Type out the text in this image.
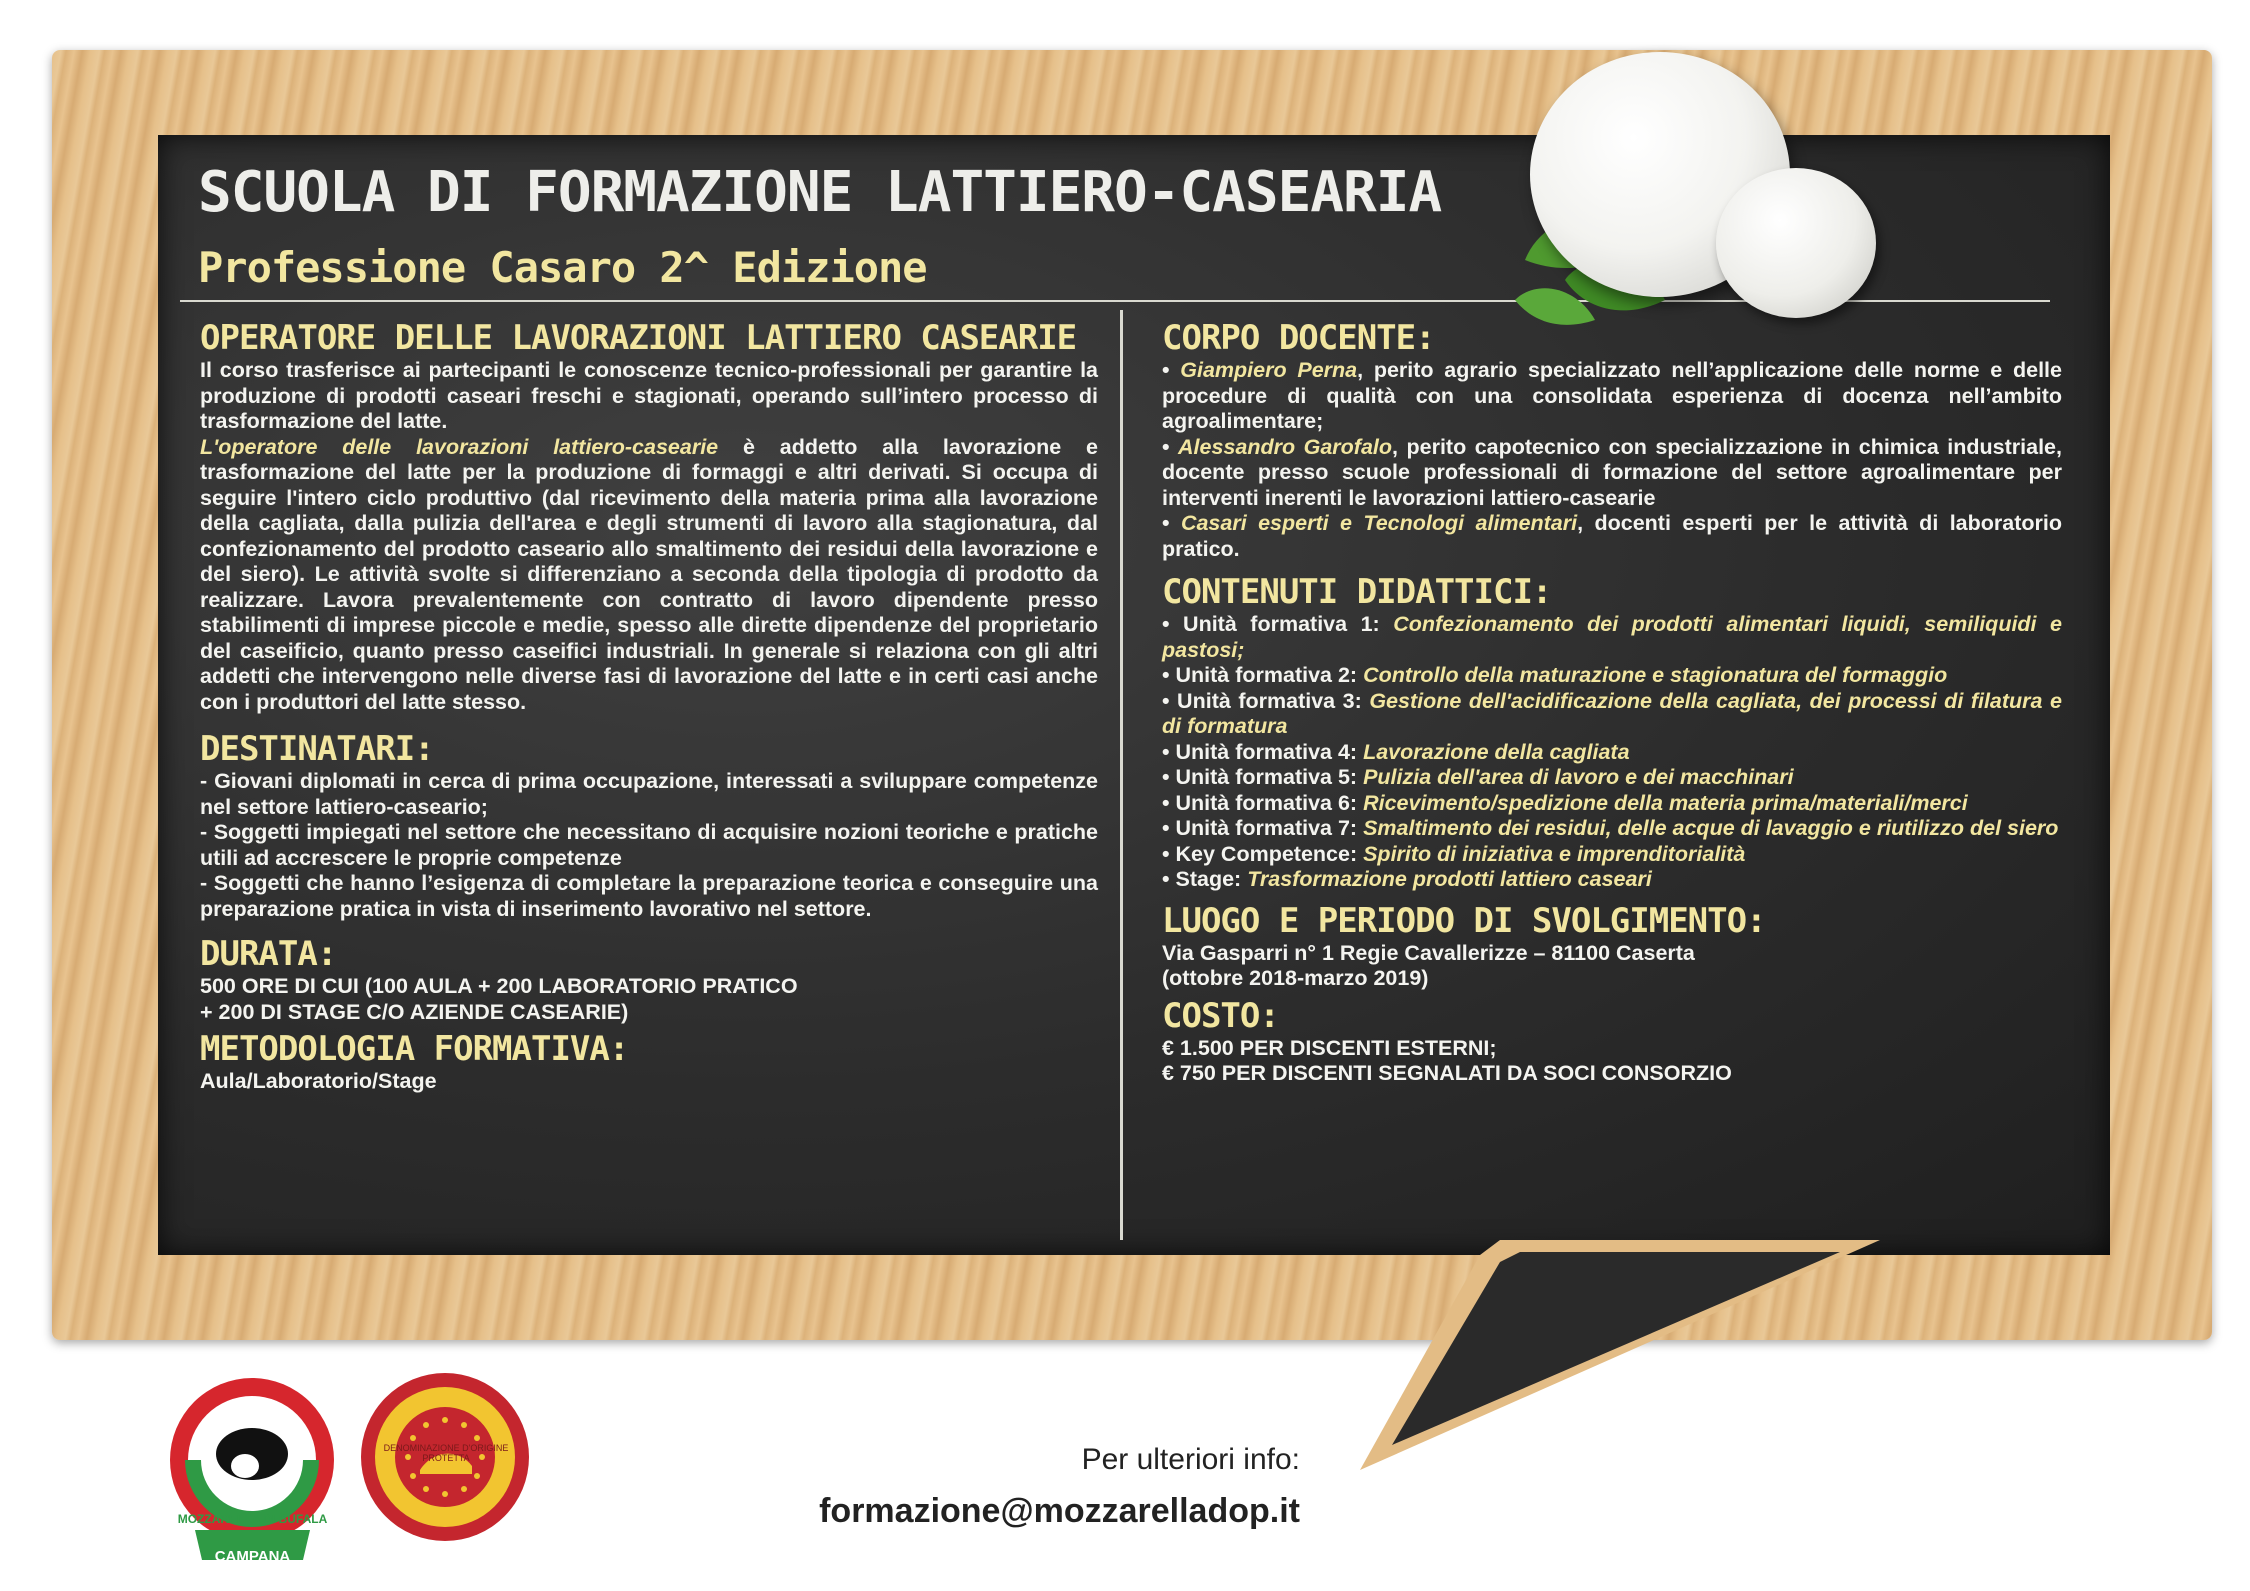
SCUOLA DI FORMAZIONE LATTIERO-CASEARIA
Professione Casaro 2^ Edizione
OPERATORE DELLE LAVORAZIONI LATTIERO CASEARIE

Il corso trasferisce ai partecipanti le conoscenze tecnico-professionali per garantire la produzione di prodotti caseari freschi e stagionati, operando sull’intero processo di trasformazione del latte.

L'operatore delle lavorazioni lattiero-casearie è addetto alla lavorazione e trasformazione del latte per la produzione di formaggi e altri derivati. Si occupa di seguire l'intero ciclo produttivo (dal ricevimento della materia prima alla lavorazione della cagliata, dalla pulizia dell'area e degli strumenti di lavoro alla stagionatura, dal confezionamento del prodotto caseario allo smaltimento dei residui della lavorazione e del siero). Le attività svolte si differenziano a seconda della tipologia di prodotto da realizzare. Lavora prevalentemente con contratto di lavoro dipendente presso stabilimenti di imprese piccole e medie, spesso alle dirette dipendenze del proprietario del caseificio, quanto presso caseifici industriali. In generale si relaziona con gli altri addetti che intervengono nelle diverse fasi di lavorazione del latte e in certi casi anche con i produttori del latte stesso.

DESTINATARI:

- Giovani diplomati in cerca di prima occupazione, interessati a sviluppare competenze nel settore lattiero-caseario;

- Soggetti impiegati nel settore che necessitano di acquisire nozioni teoriche e pratiche utili ad accrescere le proprie competenze

- Soggetti che hanno l’esigenza di completare la preparazione teorica e conseguire una preparazione pratica in vista di inserimento lavorativo nel settore.

DURATA:
500 ORE DI CUI (100 AULA + 200 LABORATORIO PRATICO
+ 200 DI STAGE C/O AZIENDE CASEARIE)
METODOLOGIA FORMATIVA:
Aula/Laboratorio/Stage
CORPO DOCENTE:

• Giampiero Perna, perito agrario specializzato nell’applicazione delle norme e delle procedure di qualità con una consolidata esperienza di docenza nell’ambito agroalimentare;

• Alessandro Garofalo, perito capotecnico con specializzazione in chimica industriale, docente presso scuole professionali di formazione del settore agroalimentare per interventi inerenti le lavorazioni lattiero-casearie

• Casari esperti e Tecnologi alimentari, docenti esperti per le attività di laboratorio pratico.

CONTENUTI DIDATTICI:

• Unità formativa 1: Confezionamento dei prodotti alimentari liquidi, semiliquidi e pastosi;

• Unità formativa 2: Controllo della maturazione e stagionatura del formaggio

• Unità formativa 3: Gestione dell'acidificazione della cagliata, dei processi di filatura e di formatura

• Unità formativa 4: Lavorazione della cagliata

• Unità formativa 5: Pulizia dell'area di lavoro e dei macchinari

• Unità formativa 6: Ricevimento/spedizione della materia prima/materiali/merci

• Unità formativa 7: Smaltimento dei residui, delle acque di lavaggio e riutilizzo del siero

• Key Competence: Spirito di iniziativa e imprenditorialità

• Stage: Trasformazione prodotti lattiero caseari

LUOGO E PERIODO DI SVOLGIMENTO:
Via Gasparri n° 1 Regie Cavallerizze – 81100 Caserta
(ottobre 2018-marzo 2019)
COSTO:
€ 1.500 PER DISCENTI ESTERNI;
€ 750 PER DISCENTI SEGNALATI DA SOCI CONSORZIO
CAMPANA
MOZZARELLA DI BUFALA
DENOMINAZIONE D'ORIGINE PROTETTA	Per ulteriori info:
formazione@mozzarelladop.it
